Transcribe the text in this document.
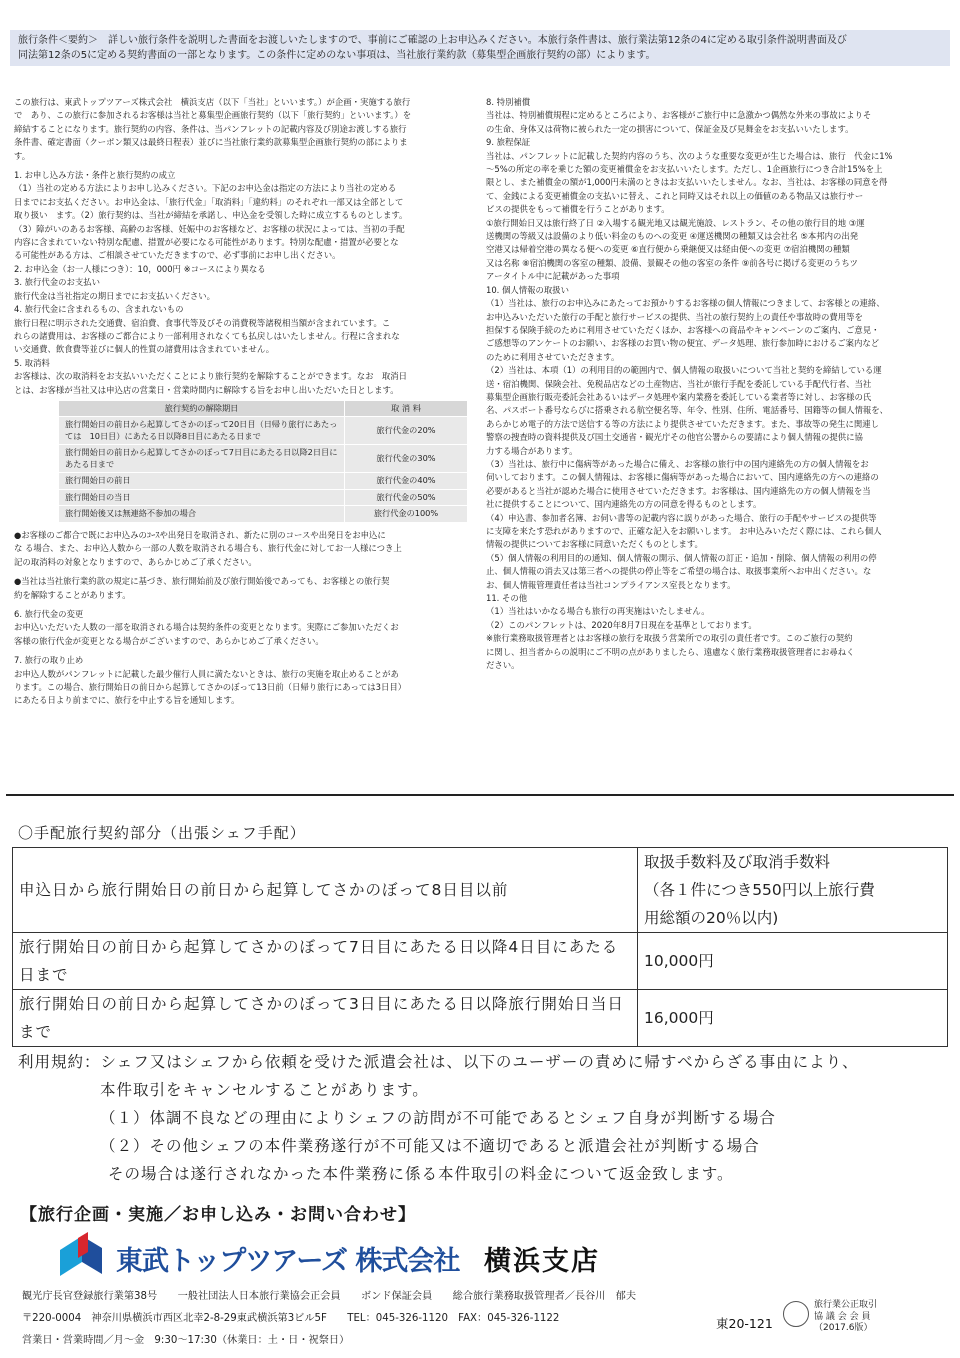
旅行条件＜要約＞　詳しい旅行条件を説明した書面をお渡しいたしますので、事前にご確認の上お申込みください。本旅行条件書は、旅行業法第12条の4に定める取引条件説明書面及び
同法第12条の5に定める契約書面の一部となります。この条件に定めのない事項は、当社旅行業約款（募集型企画旅行契約の部）によります。

この旅行は、東武トップツアーズ株式会社　横浜支店（以下「当社」といいます。）が企画・実施する旅行

で　あり、この旅行に参加されるお客様は当社と募集型企画旅行契約（以下「旅行契約」といいます。）を

締結することになります。旅行契約の内容、条件は、当パンフレットの記載内容及び別途お渡しする旅行

条件書、確定書面（クーポン類又は最終日程表）並びに当社旅行業約款募集型企画旅行契約の部によりま

す。

1. お申し込み方法・条件と旅行契約の成立

（1）当社の定める方法によりお申し込みください。下記のお申込金は指定の方法により当社の定める

日までにお支払ください。お申込金は、「旅行代金」「取消料」「違約料」のそれぞれ一部又は全部として

取り扱い　ます。（2）旅行契約は、当社が締結を承諾し、申込金を受領した時に成立するものとします。

（3）障がいのあるお客様、高齢のお客様、妊娠中のお客様など、お客様の状況によっては、当初の手配

内容に含まれていない特別な配慮、措置が必要になる可能性があります。特別な配慮・措置が必要とな

る可能性がある方は、ご相談させていただきますので、必ず事前にお申し出ください。

2. お申込金（お一人様につき）：10，000円 ※コースにより異なる

3. 旅行代金のお支払い

旅行代金は当社指定の期日までにお支払いください。

4. 旅行代金に含まれるもの、含まれないもの

旅行日程に明示された交通費、宿泊費、食事代等及びその消費税等諸税相当額が含まれています。こ

れらの諸費用は、お客様のご都合により一部利用されなくても払戻しはいたしません。行程に含まれな

い交通費、飲食費等並びに個人的性質の諸費用は含まれていません。

5. 取消料

お客様は、次の取消料をお支払いいただくことにより旅行契約を解除することができます。なお　取消日

とは、お客様が当社又は申込店の営業日・営業時間内に解除する旨をお申し出いただいた日とします。

旅行契約の解除期日	取 消 料
旅行開始日の前日から起算してさかのぼって20日目（日帰り旅行にあたっては　10日目）にあたる日以降8日目にあたる日まで	旅行代金の20%
旅行開始日の前日から起算してさかのぼって7日目にあたる日以降2日目にあたる日まで	旅行代金の30%
旅行開始日の前日	旅行代金の40%
旅行開始日の当日	旅行代金の50%
旅行開始後又は無連絡不参加の場合	旅行代金の100%

●お客様のご都合で既にお申込みのｺｰｽや出発日を取消され、新たに別のコースや出発日をお申込に

な る場合、また、お申込人数から一部の人数を取消される場合も、旅行代金に対してお一人様につき上

記の取消料の対象となりますので、あらかじめご了承ください。

●当社は当社旅行業約款の規定に基づき、旅行開始前及び旅行開始後であっても、お客様との旅行契

約を解除することがあります。

6. 旅行代金の変更

お申込いただいた人数の一部を取消される場合は契約条件の変更となります。実際にご参加いただくお

客様の旅行代金が変更となる場合がございますので、あらかじめご了承ください。

7. 旅行の取り止め

お申込人数がパンフレットに記載した最少催行人員に満たないときは、旅行の実施を取止めることがあ

ります。この場合、旅行開始日の前日から起算してさかのぼって13日前（日帰り旅行にあっては3日目）

にあたる日より前までに、旅行を中止する旨を通知します。

8. 特別補償

当社は、特別補償規程に定めるところにより、お客様がご旅行中に急激かつ偶然な外来の事故によりそ

の生命、身体又は荷物に被られた一定の損害について、保証金及び見舞金をお支払いいたします。

9. 旅程保証

当社は、パンフレットに記載した契約内容のうち、次のような重要な変更が生じた場合は、旅行　代金に1%

～5%の所定の率を乗じた額の変更補償金をお支払いいたします。ただし、1企画旅行につき合計15%を上

限とし、また補償金の額が1,000円未満のときはお支払いいたしません。なお、当社は、お客様の同意を得

て、金銭による変更補償金の支払いに替え、これと同時又はそれ以上の価値のある物品又は旅行サー

ビスの提供をもって補償を行うことがあります。

①旅行開始日又は旅行終了日 ②入場する観光地又は観光施設、レストラン、その他の旅行目的地 ③運

送機関の等級又は設備のより低い料金のものへの変更 ④運送機関の種類又は会社名 ⑤本邦内の出発

空港又は帰着空港の異なる便への変更 ⑥直行便から乗継便又は経由便への変更 ⑦宿泊機関の種類

又は名称 ⑧宿泊機関の客室の種類、設備、景観その他の客室の条件 ⑨前各号に掲げる変更のうちツ

アータイトル中に記載があった事項

10. 個人情報の取扱い

（1）当社は、旅行のお申込みにあたってお預かりするお客様の個人情報につきまして、お客様との連絡、

お申込みいただいた旅行の手配と旅行サービスの提供、当社の旅行契約上の責任や事故時の費用等を

担保する保険手続のために利用させていただくほか、お客様への商品やキャンペーンのご案内、ご意見・

ご感想等のアンケートのお願い、お客様のお買い物の便宜、データ処理、旅行参加時におけるご案内など

のために利用させていただきます。

（2）当社は、本項（1）の利用目的の範囲内で、個人情報の取扱いについて当社と契約を締結している運

送・宿泊機関、保険会社、免税品店などの土産物店、当社が旅行手配を委託している手配代行者、当社

募集型企画旅行販売委託会社あるいはデータ処理や案内業務を委託している業者等に対し、お客様の氏

名、パスポート番号ならびに搭乗される航空便名等、年令、性別、住所、電話番号、国籍等の個人情報を、

あらかじめ電子的方法で送信する等の方法により提供させていただきます。また、事故等の発生に関連し

警察の捜査時の資料提供及び国土交通省・観光庁その他官公署からの要請により個人情報の提供に協

力する場合があります。

（3）当社は、旅行中に傷病等があった場合に備え、お客様の旅行中の国内連絡先の方の個人情報をお

伺いしております。この個人情報は、お客様に傷病等があった場合において、国内連絡先の方への連絡の

必要があると当社が認めた場合に使用させていただきます。お客様は、国内連絡先の方の個人情報を当

社に提供することについて、国内連絡先の方の同意を得るものとします。

（4）申込書、参加者名簿、お伺い書等の記載内容に誤りがあった場合、旅行の手配やサービスの提供等

に支障を来たす恐れがありますので、正確な記入をお願いします。 お申込みいただく際には、これら個人

情報の提供についてお客様に同意いただくものとします。

（5）個人情報の利用目的の通知、個人情報の開示、個人情報の訂正・追加・削除、個人情報の利用の停

止、個人情報の消去又は第三者への提供の停止等をご希望の場合は、取扱事業所へお申出ください。な

お、個人情報管理責任者は当社コンプライアンス室長となります。

11. その他

（1）当社はいかなる場合も旅行の再実施はいたしません。

（2）このパンフレットは、2020年8月7日現在を基準としております。

※旅行業務取扱管理者とはお客様の旅行を取扱う営業所での取引の責任者です。このご旅行の契約

に関し、担当者からの説明にご不明の点がありましたら、遠慮なく旅行業務取扱管理者にお尋ねく

ださい。

〇手配旅行契約部分（出張シェフ手配）
申込日から旅行開始日の前日から起算してさかのぼって8日目以前	取扱手数料及び取消手数料
（各１件につき550円以上旅行費
用総額の20％以内)

旅行開始日の前日から起算してさかのぼって7日目にあたる日以降4日目にあたる日まで	10,000円
旅行開始日の前日から起算してさかのぼって3日目にあたる日以降旅行開始日当日まで	16,000円

利用規約：シェフ又はシェフから依頼を受けた派遣会社は、以下のユーザーの責めに帰すべからざる事由により、

本件取引をキャンセルすることがあります。

（１）体調不良などの理由によりシェフの訪問が不可能であるとシェフ自身が判断する場合

（２）その他シェフの本件業務遂行が不可能又は不適切であると派遣会社が判断する場合

その場合は遂行されなかった本件業務に係る本件取引の料金について返金致します。

【旅行企画・実施／お申し込み・お問い合わせ】
東武トップツアーズ 株式会社 横浜支店
観光庁長官登録旅行業第38号　　一般社団法人日本旅行業協会正会員　　ボンド保証会員　　総合旅行業務取扱管理者／長谷川　郁夫
〒220-0004　神奈川県横浜市西区北幸2-8-29東武横浜第3ビル5F　　TEL：045-326-1120　FAX：045-326-1122
営業日・営業時間／月～金　9:30～17:30（休業日：土・日・祝祭日）
東20-121

旅行業公正取引

協 議 会 会 員

（2017.6版）
